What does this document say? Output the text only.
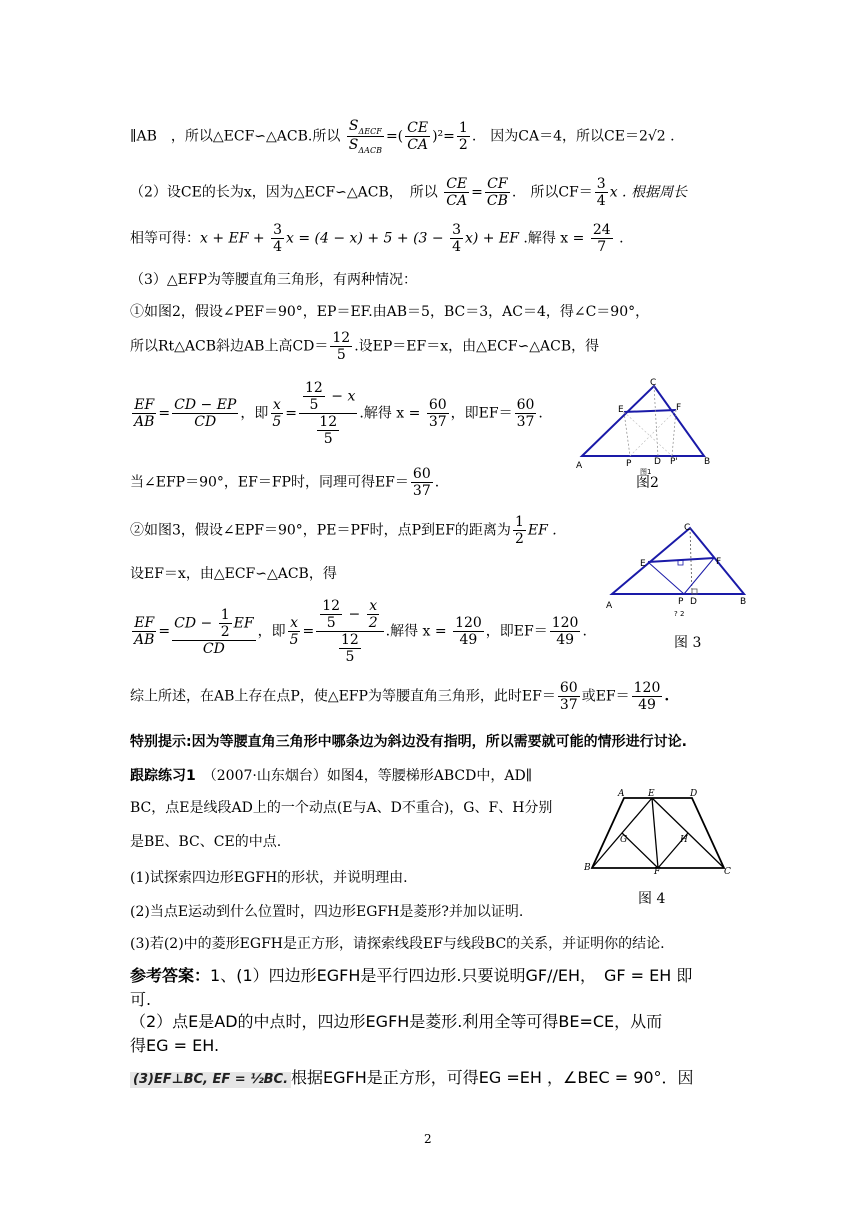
∥AB　，所以△ECF∽△ACB.所以 $\frac{S_{\Delta ECF}}{S_{\Delta ACB}}$ =( $\frac{CE}{CA} )^2= \frac{1}{2}$ .　因为CA＝4，所以CE＝2√2 .
（2）设CE的长为x，因为△ECF∽△ACB，　所以 $\frac{CE}{CA} = \frac{CF}{CB}$ .　所以$CF= \frac{3}{4}$ x . 根据周长
相等可得：x + EF + $\frac{3}{4}$ $x = (4 - x) + 5 + (3 - \frac{3}{4} x)$ + EF .解得 $x = \frac{24}{7}$ .
（3）△EFP为等腰直角三角形，有两种情况：
①如图2，假设∠PEF＝90°，EP＝EF.由AB＝5，BC＝3，AC＝4，得∠C＝90°，
所以Rt△ACB斜边AB上高$CD= \frac{12}{5}$ .设EP＝EF＝x，由△ECF∽△ACB，得
$\frac{EF}{AB} = \frac{CD - EP}{CD}$ ，即 $\frac{x}{5} = \frac{\frac{12}{5} - x}{\frac{12}{5}}$ .解得 $x = \frac{60}{37}$ ，即$EF= \frac{60}{37}$ .
当∠EFP＝90°，EF＝FP时，同理可得$EF= \frac{60}{37}$ .
②如图3，假设∠EPF＝90°，PE＝PF时，点P到EF的距离为 $\frac{1}{2}$ EF .
设EF＝x，由△ECF∽△ACB，得
$\frac{EF}{AB} = \frac{CD - \frac{1}{2} EF}{CD}$ ，即 $\frac{x}{5} = \frac{\frac{12}{5} - \frac{x}{2}}{\frac{12}{5}}$ .解得 $x = \frac{120}{49}$ ，即$EF= \frac{120}{49}$ .
综上所述，在AB上存在点P，使△EFP为等腰直角三角形，此时$EF= \frac{60}{37}$ 或$EF= \frac{120}{49}$ .
特别提示:因为等腰直角三角形中哪条边为斜边没有指明，所以需要就可能的情形进行讨论.
跟踪练习1　（2007·山东烟台）如图4，等腰梯形ABCD中，AD∥
BC，点E是线段AD上的一个动点(E与A、D不重合)，G、F、H分别
是BE、BC、CE的中点.
(1)试探索四边形EGFH的形状，并说明理由.
(2)当点E运动到什么位置时，四边形EGFH是菱形?并加以证明.
(3)若(2)中的菱形EGFH是正方形，请探索线段EF与线段BC的关系，并证明你的结论.
参考答案：1、(1）四边形EGFH是平行四边形.只要说明GF//EH，　GF = EH 即
可.
（2）点E是AD的中点时，四边形EGFH是菱形.利用全等可得BE=CE，从而
得EG = EH.
(3)EF⊥BC, EF = ½BC. 根据EGFH是正方形，可得EG =EH ，∠BEC = 90°．因
A	B
C
E	F
P	D P'
图1
图2
A	B
C
E	F
P D
? 2
图 3
A	E	D
B	C
F
G	H
图 4
2
